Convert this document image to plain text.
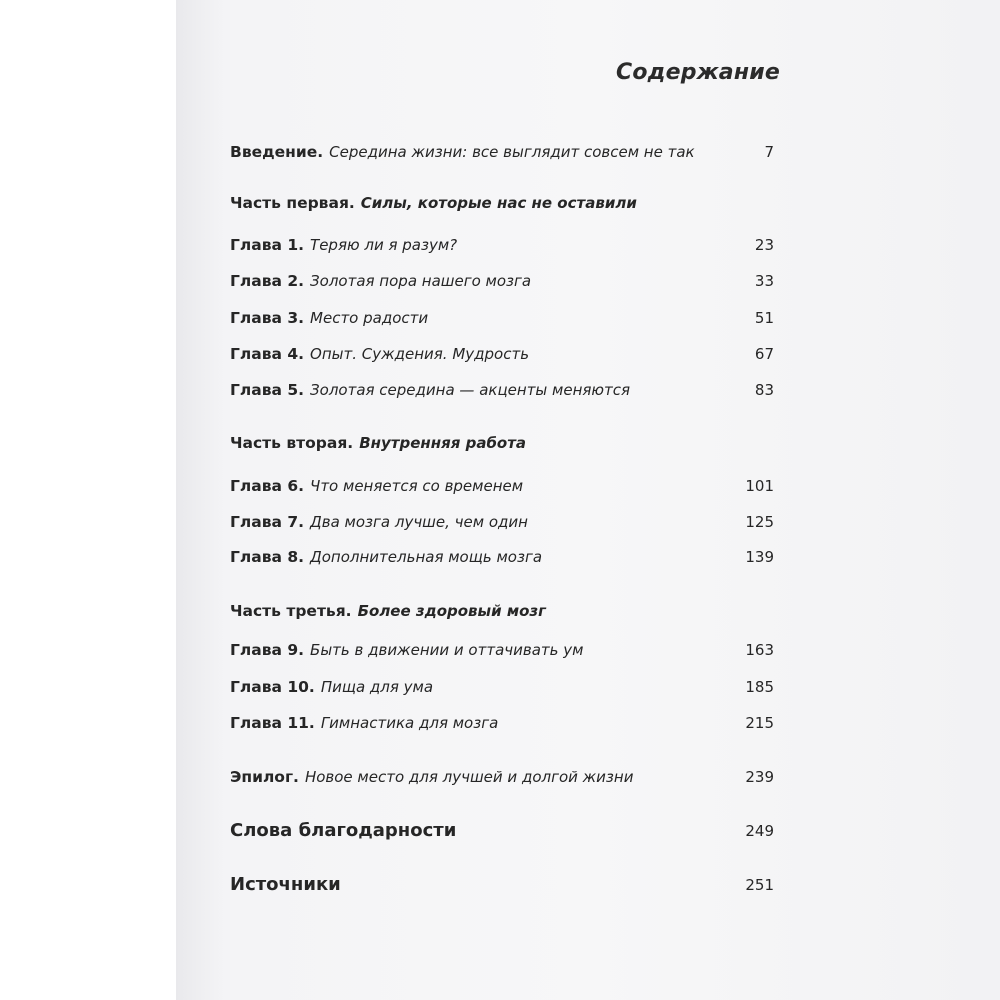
Содержание
Введение. Середина жизни: все выглядит совсем не так	7
Часть первая. Силы, которые нас не оставили
Глава 1. Теряю ли я разум?	23
Глава 2. Золотая пора нашего мозга	33
Глава 3. Место радости	51
Глава 4. Опыт. Суждения. Мудрость	67
Глава 5. Золотая середина — акценты меняются	83
Часть вторая. Внутренняя работа
Глава 6. Что меняется со временем	101
Глава 7. Два мозга лучше, чем один	125
Глава 8. Дополнительная мощь мозга	139
Часть третья. Более здоровый мозг
Глава 9. Быть в движении и оттачивать ум	163
Глава 10. Пища для ума	185
Глава 11. Гимнастика для мозга	215
Эпилог. Новое место для лучшей и долгой жизни	239
Слова благодарности	249
Источники	251
